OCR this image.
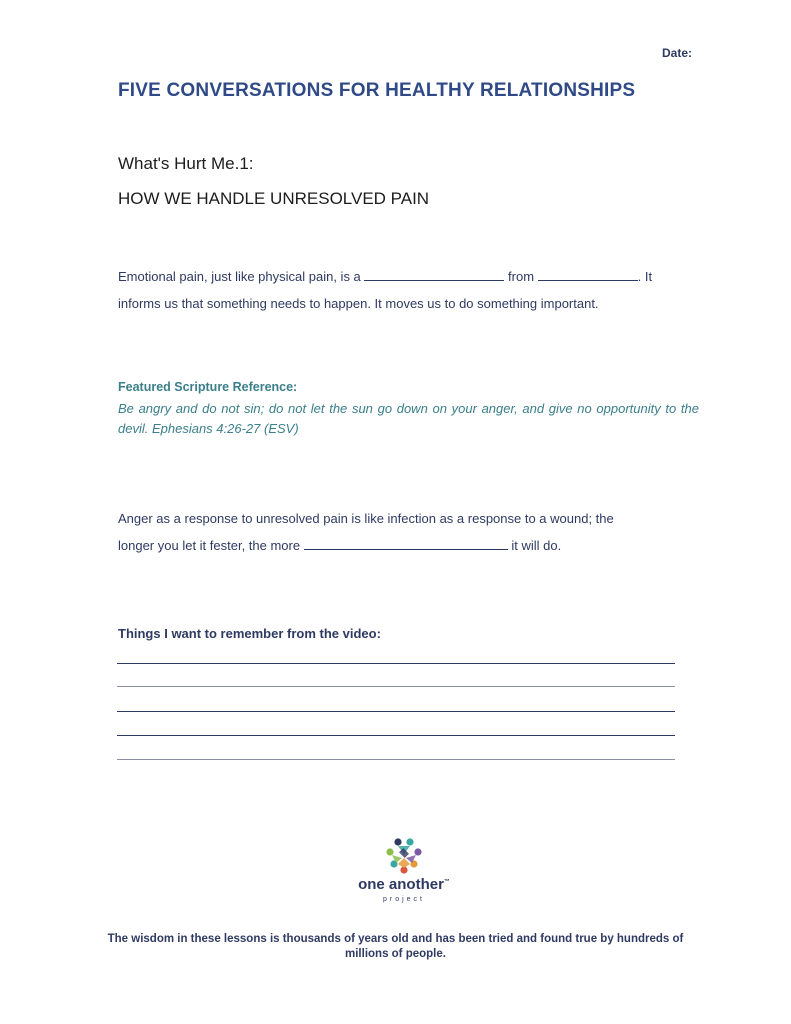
Date:
FIVE CONVERSATIONS FOR HEALTHY RELATIONSHIPS
What's Hurt Me.1:
HOW WE HANDLE UNRESOLVED PAIN
Emotional pain, just like physical pain, is a	from	. It
informs us that something needs to happen. It moves us to do something important.
Featured Scripture Reference:
Be angry and do not sin; do not let the sun go down on your anger, and give no opportunity to the devil. Ephesians 4:26-27 (ESV)
Anger as a response to unresolved pain is like infection as a response to a wound; the
longer you let it fester, the more	it will do.
Things I want to remember from the video:
one another™
project
The wisdom in these lessons is thousands of years old and has been tried and found true by hundreds of millions of people.
